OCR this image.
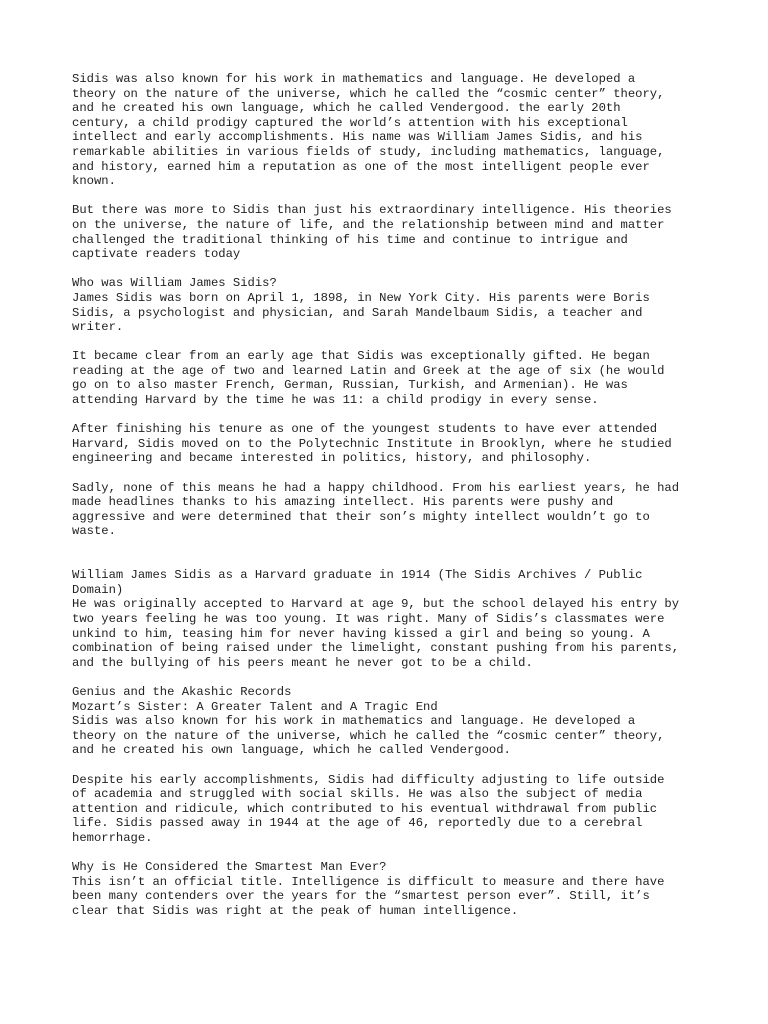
Sidis was also known for his work in mathematics and language. He developed a
theory on the nature of the universe, which he called the “cosmic center” theory,
and he created his own language, which he called Vendergood. the early 20th
century, a child prodigy captured the world’s attention with his exceptional
intellect and early accomplishments. His name was William James Sidis, and his
remarkable abilities in various fields of study, including mathematics, language,
and history, earned him a reputation as one of the most intelligent people ever
known.

But there was more to Sidis than just his extraordinary intelligence. His theories
on the universe, the nature of life, and the relationship between mind and matter
challenged the traditional thinking of his time and continue to intrigue and
captivate readers today

Who was William James Sidis?
James Sidis was born on April 1, 1898, in New York City. His parents were Boris
Sidis, a psychologist and physician, and Sarah Mandelbaum Sidis, a teacher and
writer.

It became clear from an early age that Sidis was exceptionally gifted. He began
reading at the age of two and learned Latin and Greek at the age of six (he would
go on to also master French, German, Russian, Turkish, and Armenian). He was
attending Harvard by the time he was 11: a child prodigy in every sense.

After finishing his tenure as one of the youngest students to have ever attended
Harvard, Sidis moved on to the Polytechnic Institute in Brooklyn, where he studied
engineering and became interested in politics, history, and philosophy.

Sadly, none of this means he had a happy childhood. From his earliest years, he had
made headlines thanks to his amazing intellect. His parents were pushy and
aggressive and were determined that their son’s mighty intellect wouldn’t go to
waste.

William James Sidis as a Harvard graduate in 1914 (The Sidis Archives / Public
Domain)
He was originally accepted to Harvard at age 9, but the school delayed his entry by
two years feeling he was too young. It was right. Many of Sidis’s classmates were
unkind to him, teasing him for never having kissed a girl and being so young. A
combination of being raised under the limelight, constant pushing from his parents,
and the bullying of his peers meant he never got to be a child.

Genius and the Akashic Records
Mozart’s Sister: A Greater Talent and A Tragic End
Sidis was also known for his work in mathematics and language. He developed a
theory on the nature of the universe, which he called the “cosmic center” theory,
and he created his own language, which he called Vendergood.

Despite his early accomplishments, Sidis had difficulty adjusting to life outside
of academia and struggled with social skills. He was also the subject of media
attention and ridicule, which contributed to his eventual withdrawal from public
life. Sidis passed away in 1944 at the age of 46, reportedly due to a cerebral
hemorrhage.

Why is He Considered the Smartest Man Ever?
This isn’t an official title. Intelligence is difficult to measure and there have
been many contenders over the years for the “smartest person ever”. Still, it’s
clear that Sidis was right at the peak of human intelligence.
